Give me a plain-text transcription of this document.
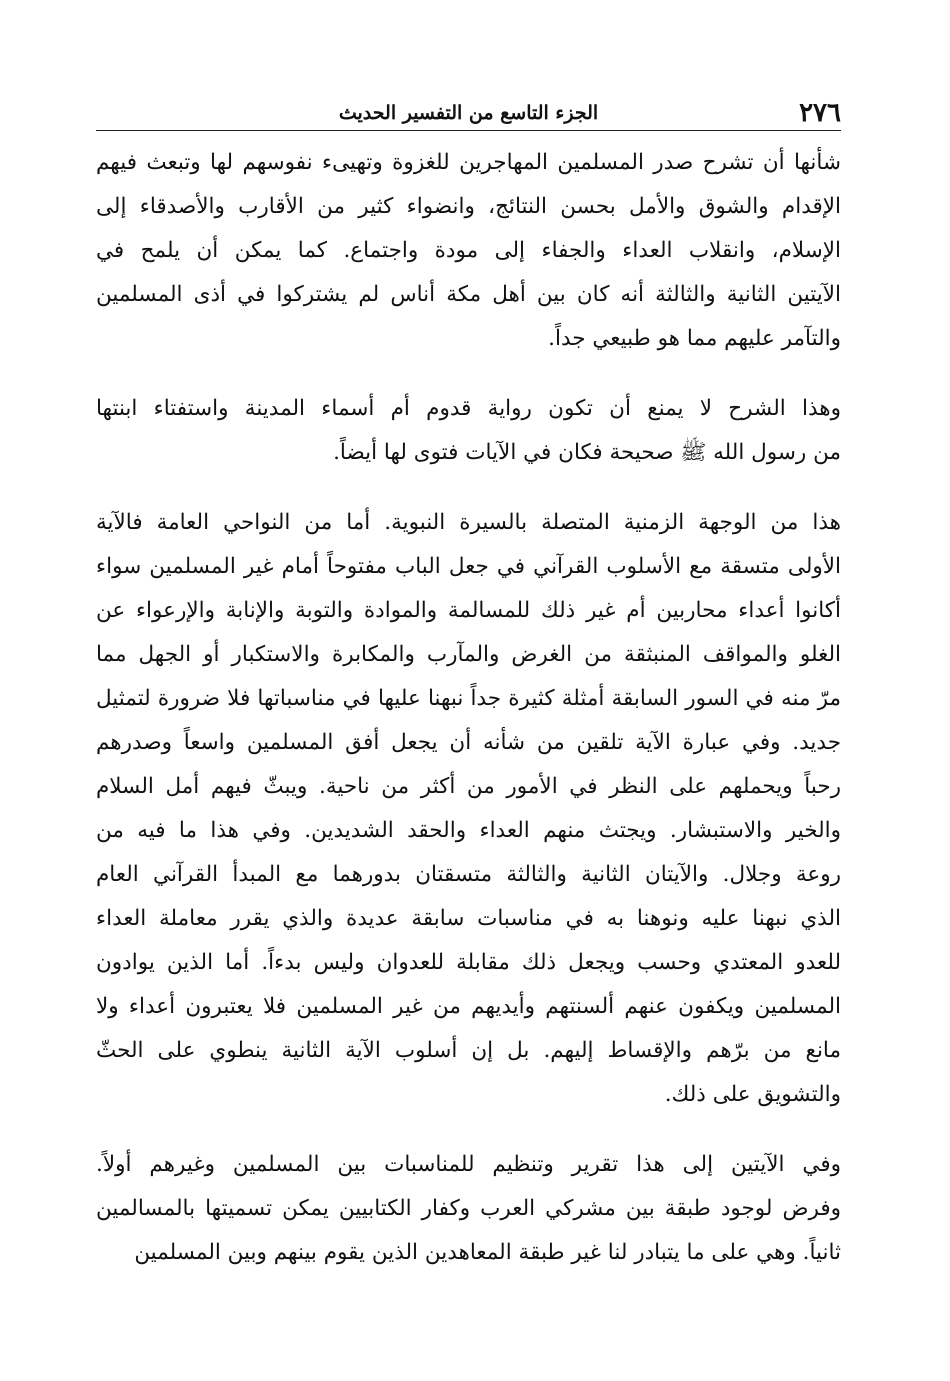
٢٧٦
الجزء التاسع من التفسير الحديث

شأنها أن تشرح صدر المسلمين المهاجرين للغزوة وتهيىء نفوسهم لها وتبعث فيهم
الإقدام والشوق والأمل بحسن النتائج، وانضواء كثير من الأقارب والأصدقاء إلى
الإسلام، وانقلاب العداء والجفاء إلى مودة واجتماع. كما يمكن أن يلمح في
الآيتين الثانية والثالثة أنه كان بين أهل مكة أناس لم يشتركوا في أذى المسلمين
والتآمر عليهم مما هو طبيعي جداً.

وهذا الشرح لا يمنع أن تكون رواية قدوم أم أسماء المدينة واستفتاء ابنتها
من رسول الله ﷺ صحيحة فكان في الآيات فتوى لها أيضاً.

هذا من الوجهة الزمنية المتصلة بالسيرة النبوية. أما من النواحي العامة فالآية
الأولى متسقة مع الأسلوب القرآني في جعل الباب مفتوحاً أمام غير المسلمين سواء
أكانوا أعداء محاربين أم غير ذلك للمسالمة والموادة والتوبة والإنابة والإرعواء عن
الغلو والمواقف المنبثقة من الغرض والمآرب والمكابرة والاستكبار أو الجهل مما
مرّ منه في السور السابقة أمثلة كثيرة جداً نبهنا عليها في مناسباتها فلا ضرورة لتمثيل
جديد. وفي عبارة الآية تلقين من شأنه أن يجعل أفق المسلمين واسعاً وصدرهم
رحباً ويحملهم على النظر في الأمور من أكثر من ناحية. ويبثّ فيهم أمل السلام
والخير والاستبشار. ويجتث منهم العداء والحقد الشديدين. وفي هذا ما فيه من
روعة وجلال. والآيتان الثانية والثالثة متسقتان بدورهما مع المبدأ القرآني العام
الذي نبهنا عليه ونوهنا به في مناسبات سابقة عديدة والذي يقرر معاملة العداء
للعدو المعتدي وحسب ويجعل ذلك مقابلة للعدوان وليس بدءاً. أما الذين يوادون
المسلمين ويكفون عنهم ألسنتهم وأيديهم من غير المسلمين فلا يعتبرون أعداء ولا
مانع من برّهم والإقساط إليهم. بل إن أسلوب الآية الثانية ينطوي على الحثّ
والتشويق على ذلك.

وفي الآيتين إلى هذا تقرير وتنظيم للمناسبات بين المسلمين وغيرهم أولاً.
وفرض لوجود طبقة بين مشركي العرب وكفار الكتابيين يمكن تسميتها بالمسالمين
ثانياً. وهي على ما يتبادر لنا غير طبقة المعاهدين الذين يقوم بينهم وبين المسلمين
